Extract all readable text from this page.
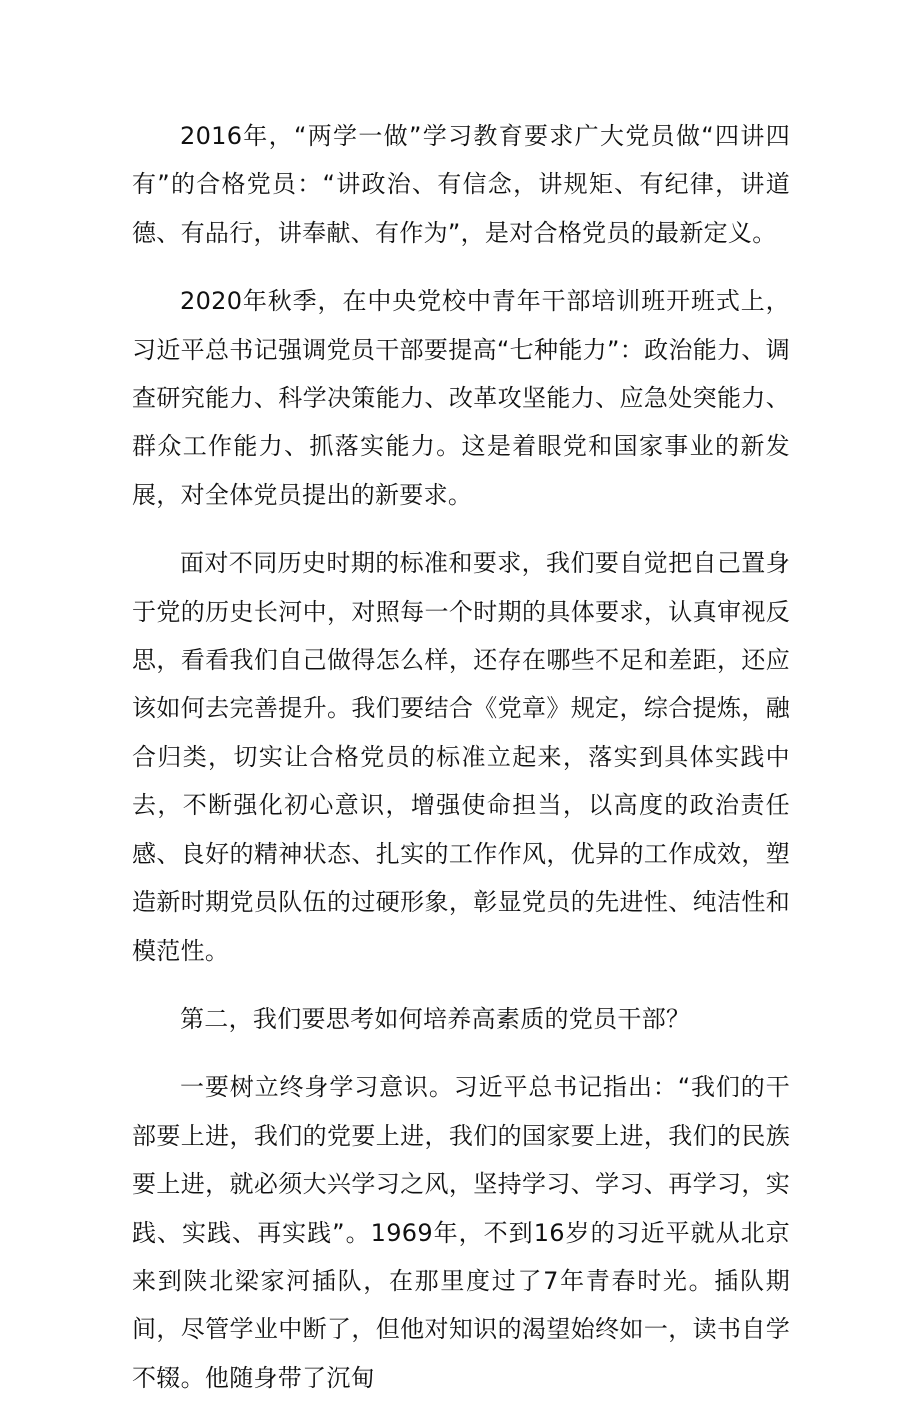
2016年，“两学一做”学习教育要求广大党员做“四讲四有”的合格党员：“讲政治、有信念，讲规矩、有纪律，讲道德、有品行，讲奉献、有作为”，是对合格党员的最新定义。

2020年秋季，在中央党校中青年干部培训班开班式上，习近平总书记强调党员干部要提高“七种能力”：政治能力、调查研究能力、科学决策能力、改革攻坚能力、应急处突能力、群众工作能力、抓落实能力。这是着眼党和国家事业的新发展，对全体党员提出的新要求。

面对不同历史时期的标准和要求，我们要自觉把自己置身于党的历史长河中，对照每一个时期的具体要求，认真审视反思，看看我们自己做得怎么样，还存在哪些不足和差距，还应该如何去完善提升。我们要结合《党章》规定，综合提炼，融合归类，切实让合格党员的标准立起来，落实到具体实践中去，不断强化初心意识，增强使命担当，以高度的政治责任感、良好的精神状态、扎实的工作作风，优异的工作成效，塑造新时期党员队伍的过硬形象，彰显党员的先进性、纯洁性和模范性。

第二，我们要思考如何培养高素质的党员干部？

一要树立终身学习意识。习近平总书记指出：“我们的干部要上进，我们的党要上进，我们的国家要上进，我们的民族要上进，就必须大兴学习之风，坚持学习、学习、再学习，实践、实践、再实践”。1969年，不到16岁的习近平就从北京来到陕北梁家河插队，在那里度过了7年青春时光。插队期间，尽管学业中断了，但他对知识的渴望始终如一，读书自学不辍。他随身带了沉甸
